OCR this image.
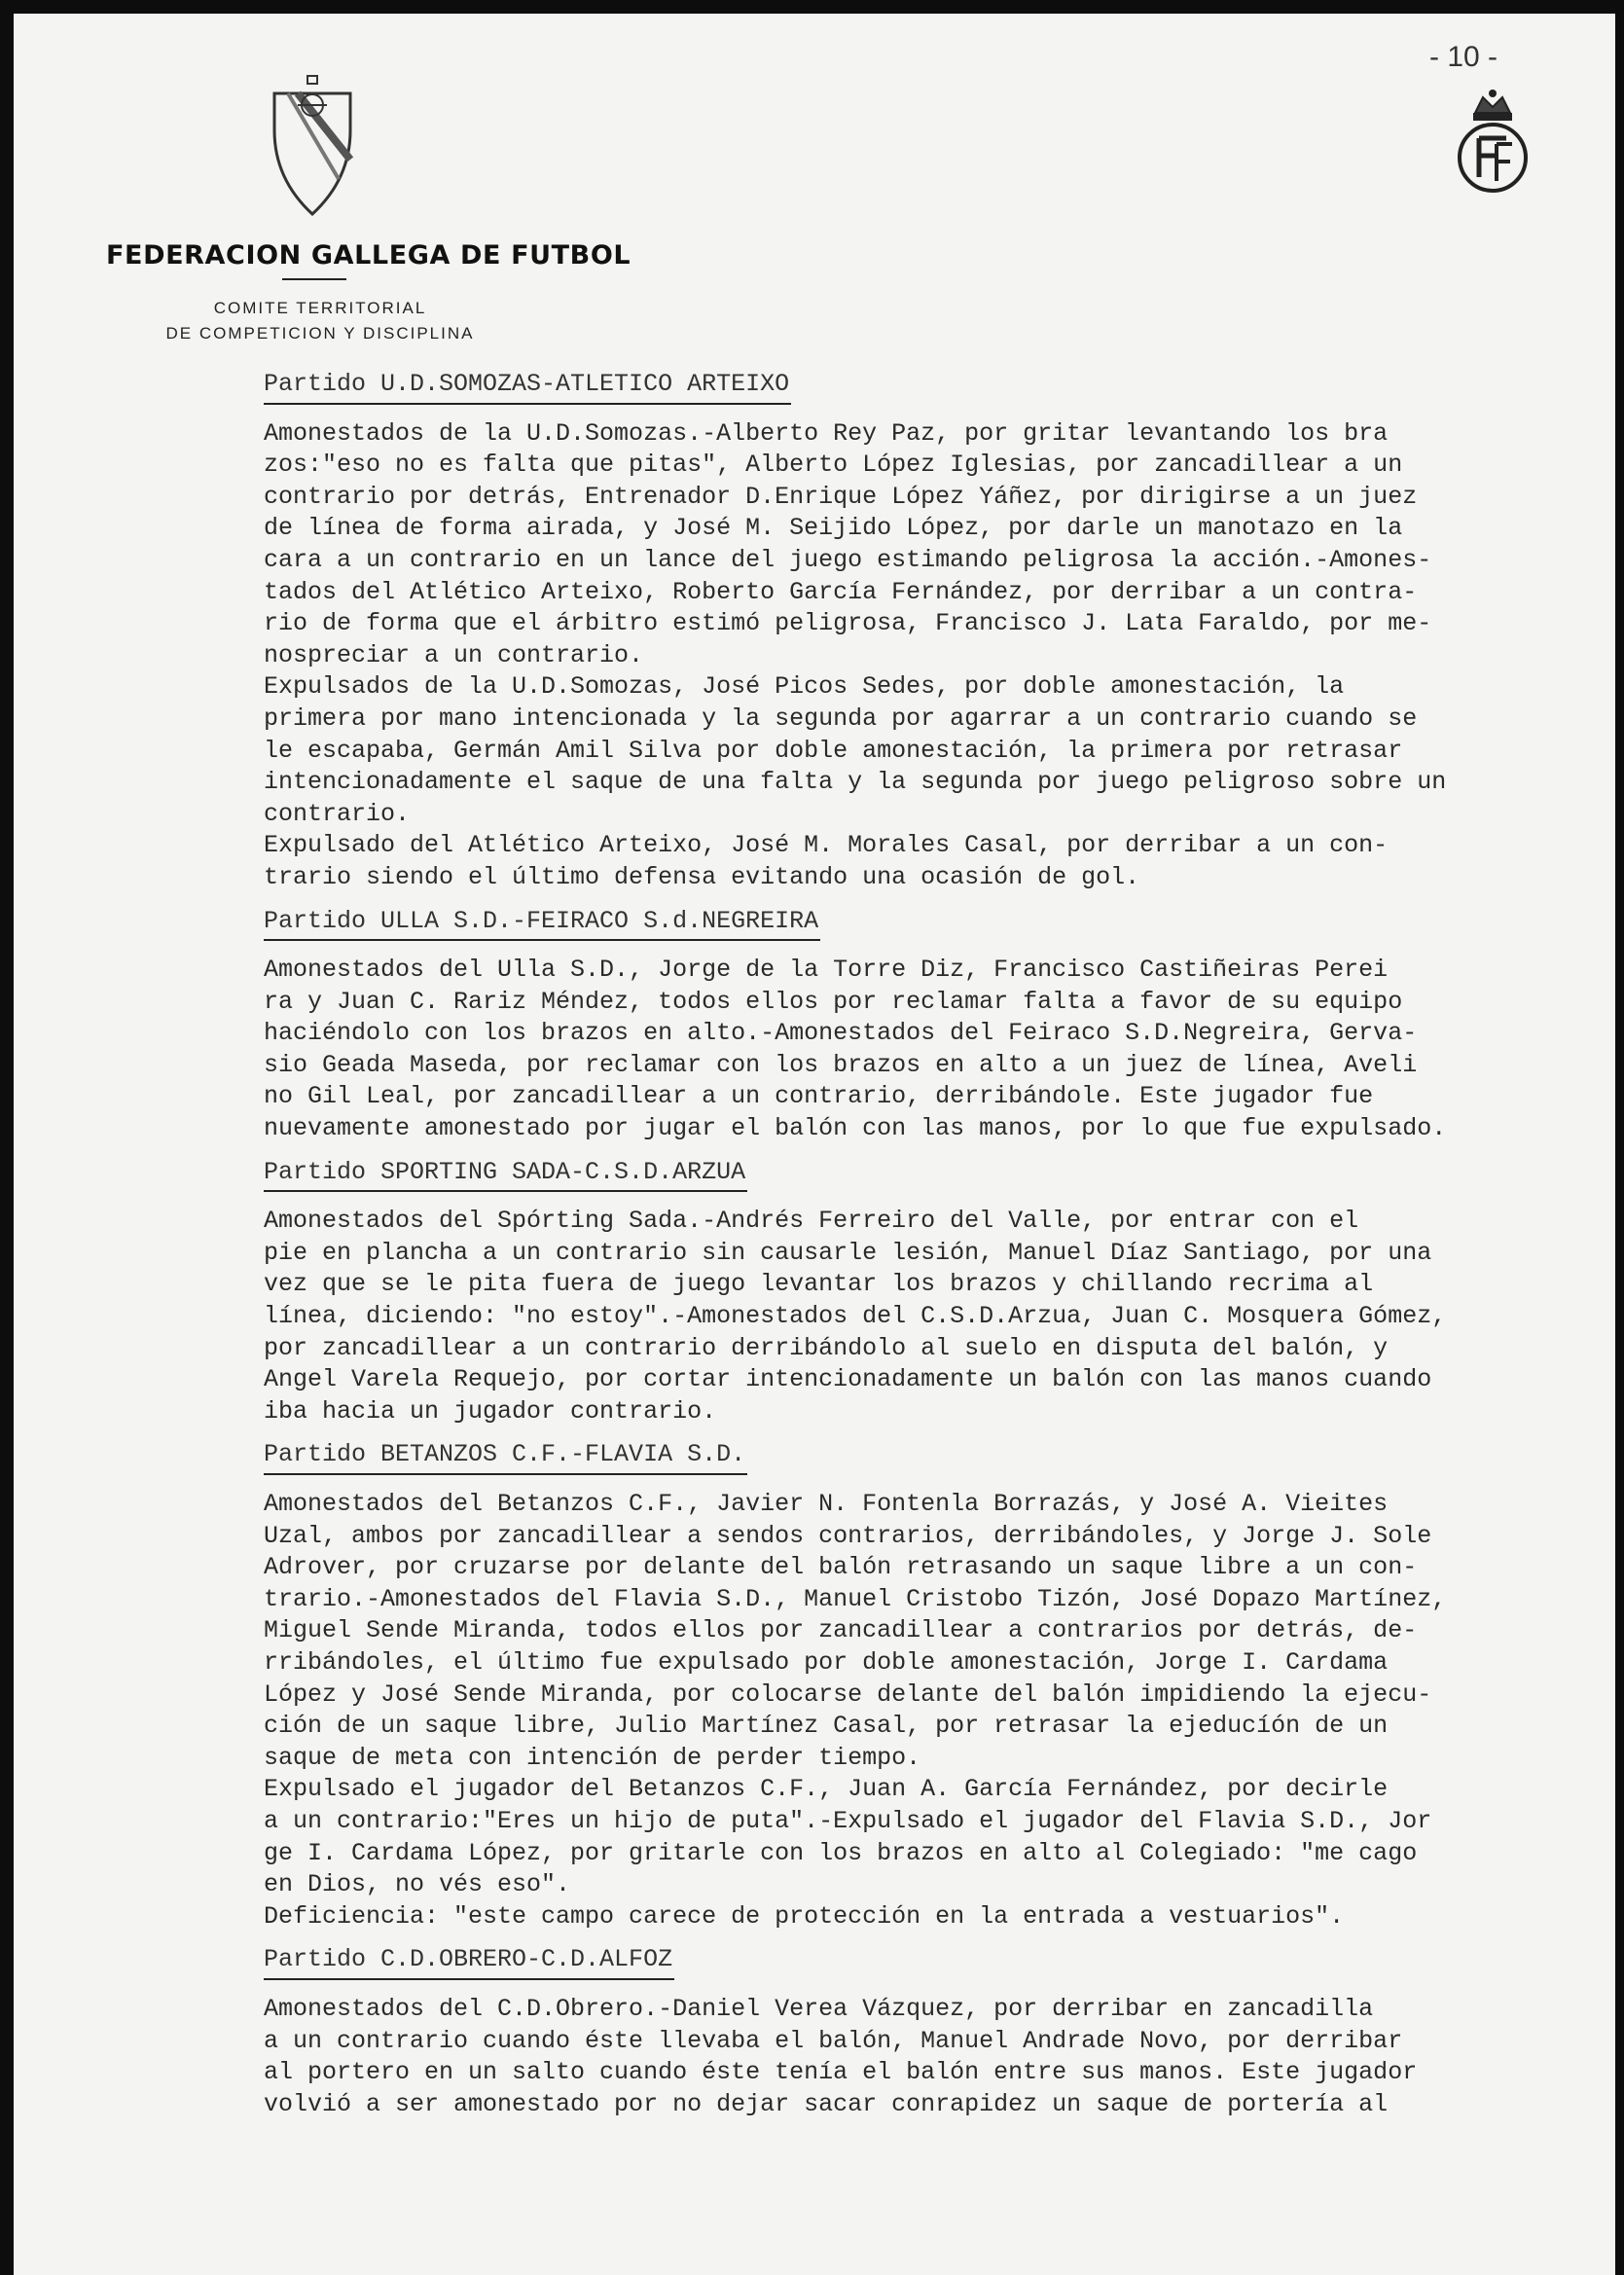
- 10 -
FEDERACION GALLEGA DE FUTBOL
COMITE TERRITORIAL
DE COMPETICION Y DISCIPLINA
Partido U.D.SOMOZAS-ATLETICO ARTEIXO

Amonestados de la U.D.Somozas.-Alberto Rey Paz, por gritar levantando los bra
zos:"eso no es falta que pitas", Alberto López Iglesias, por zancadillear a un
contrario por detrás, Entrenador D.Enrique López Yáñez, por dirigirse a un juez
de línea de forma airada, y José M. Seijido López, por darle un manotazo en la
cara a un contrario en un lance del juego estimando peligrosa la acción.-Amones-
tados del Atlético Arteixo, Roberto García Fernández, por derribar a un contra-
rio de forma que el árbitro estimó peligrosa, Francisco J. Lata Faraldo, por me-
nospreciar a un contrario.

Expulsados de la U.D.Somozas, José Picos Sedes, por doble amonestación, la
primera por mano intencionada y la segunda por agarrar a un contrario cuando se
le escapaba, Germán Amil Silva por doble amonestación, la primera por retrasar
intencionadamente el saque de una falta y la segunda por juego peligroso sobre un
contrario.

Expulsado del Atlético Arteixo, José M. Morales Casal, por derribar a un con-
trario siendo el último defensa evitando una ocasión de gol.

Partido ULLA S.D.-FEIRACO S.d.NEGREIRA

Amonestados del Ulla S.D., Jorge de la Torre Diz, Francisco Castiñeiras Perei
ra y Juan C. Rariz Méndez, todos ellos por reclamar falta a favor de su equipo
haciéndolo con los brazos en alto.-Amonestados del Feiraco S.D.Negreira, Gerva-
sio Geada Maseda, por reclamar con los brazos en alto a un juez de línea, Aveli
no Gil Leal, por zancadillear a un contrario, derribándole. Este jugador fue
nuevamente amonestado por jugar el balón con las manos, por lo que fue expulsado.

Partido SPORTING SADA-C.S.D.ARZUA

Amonestados del Spórting Sada.-Andrés Ferreiro del Valle, por entrar con el
pie en plancha a un contrario sin causarle lesión, Manuel Díaz Santiago, por una
vez que se le pita fuera de juego levantar los brazos y chillando recrima al
línea, diciendo: "no estoy".-Amonestados del C.S.D.Arzua, Juan C. Mosquera Gómez,
por zancadillear a un contrario derribándolo al suelo en disputa del balón, y
Angel Varela Requejo, por cortar intencionadamente un balón con las manos cuando
iba hacia un jugador contrario.

Partido BETANZOS C.F.-FLAVIA S.D.

Amonestados del Betanzos C.F., Javier N. Fontenla Borrazás, y José A. Vieites
Uzal, ambos por zancadillear a sendos contrarios, derribándoles, y Jorge J. Sole
Adrover, por cruzarse por delante del balón retrasando un saque libre a un con-
trario.-Amonestados del Flavia S.D., Manuel Cristobo Tizón, José Dopazo Martínez,
Miguel Sende Miranda, todos ellos por zancadillear a contrarios por detrás, de-
rribándoles, el último fue expulsado por doble amonestación, Jorge I. Cardama
López y José Sende Miranda, por colocarse delante del balón impidiendo la ejecu-
ción de un saque libre, Julio Martínez Casal, por retrasar la ejeducíón de un
saque de meta con intención de perder tiempo.

Expulsado el jugador del Betanzos C.F., Juan A. García Fernández, por decirle
a un contrario:"Eres un hijo de puta".-Expulsado el jugador del Flavia S.D., Jor
ge I. Cardama López, por gritarle con los brazos en alto al Colegiado: "me cago
en Dios, no vés eso".

Deficiencia: "este campo carece de protección en la entrada a vestuarios".

Partido C.D.OBRERO-C.D.ALFOZ

Amonestados del C.D.Obrero.-Daniel Verea Vázquez, por derribar en zancadilla
a un contrario cuando éste llevaba el balón, Manuel Andrade Novo, por derribar
al portero en un salto cuando éste tenía el balón entre sus manos. Este jugador
volvió a ser amonestado por no dejar sacar conrapidez un saque de portería al
